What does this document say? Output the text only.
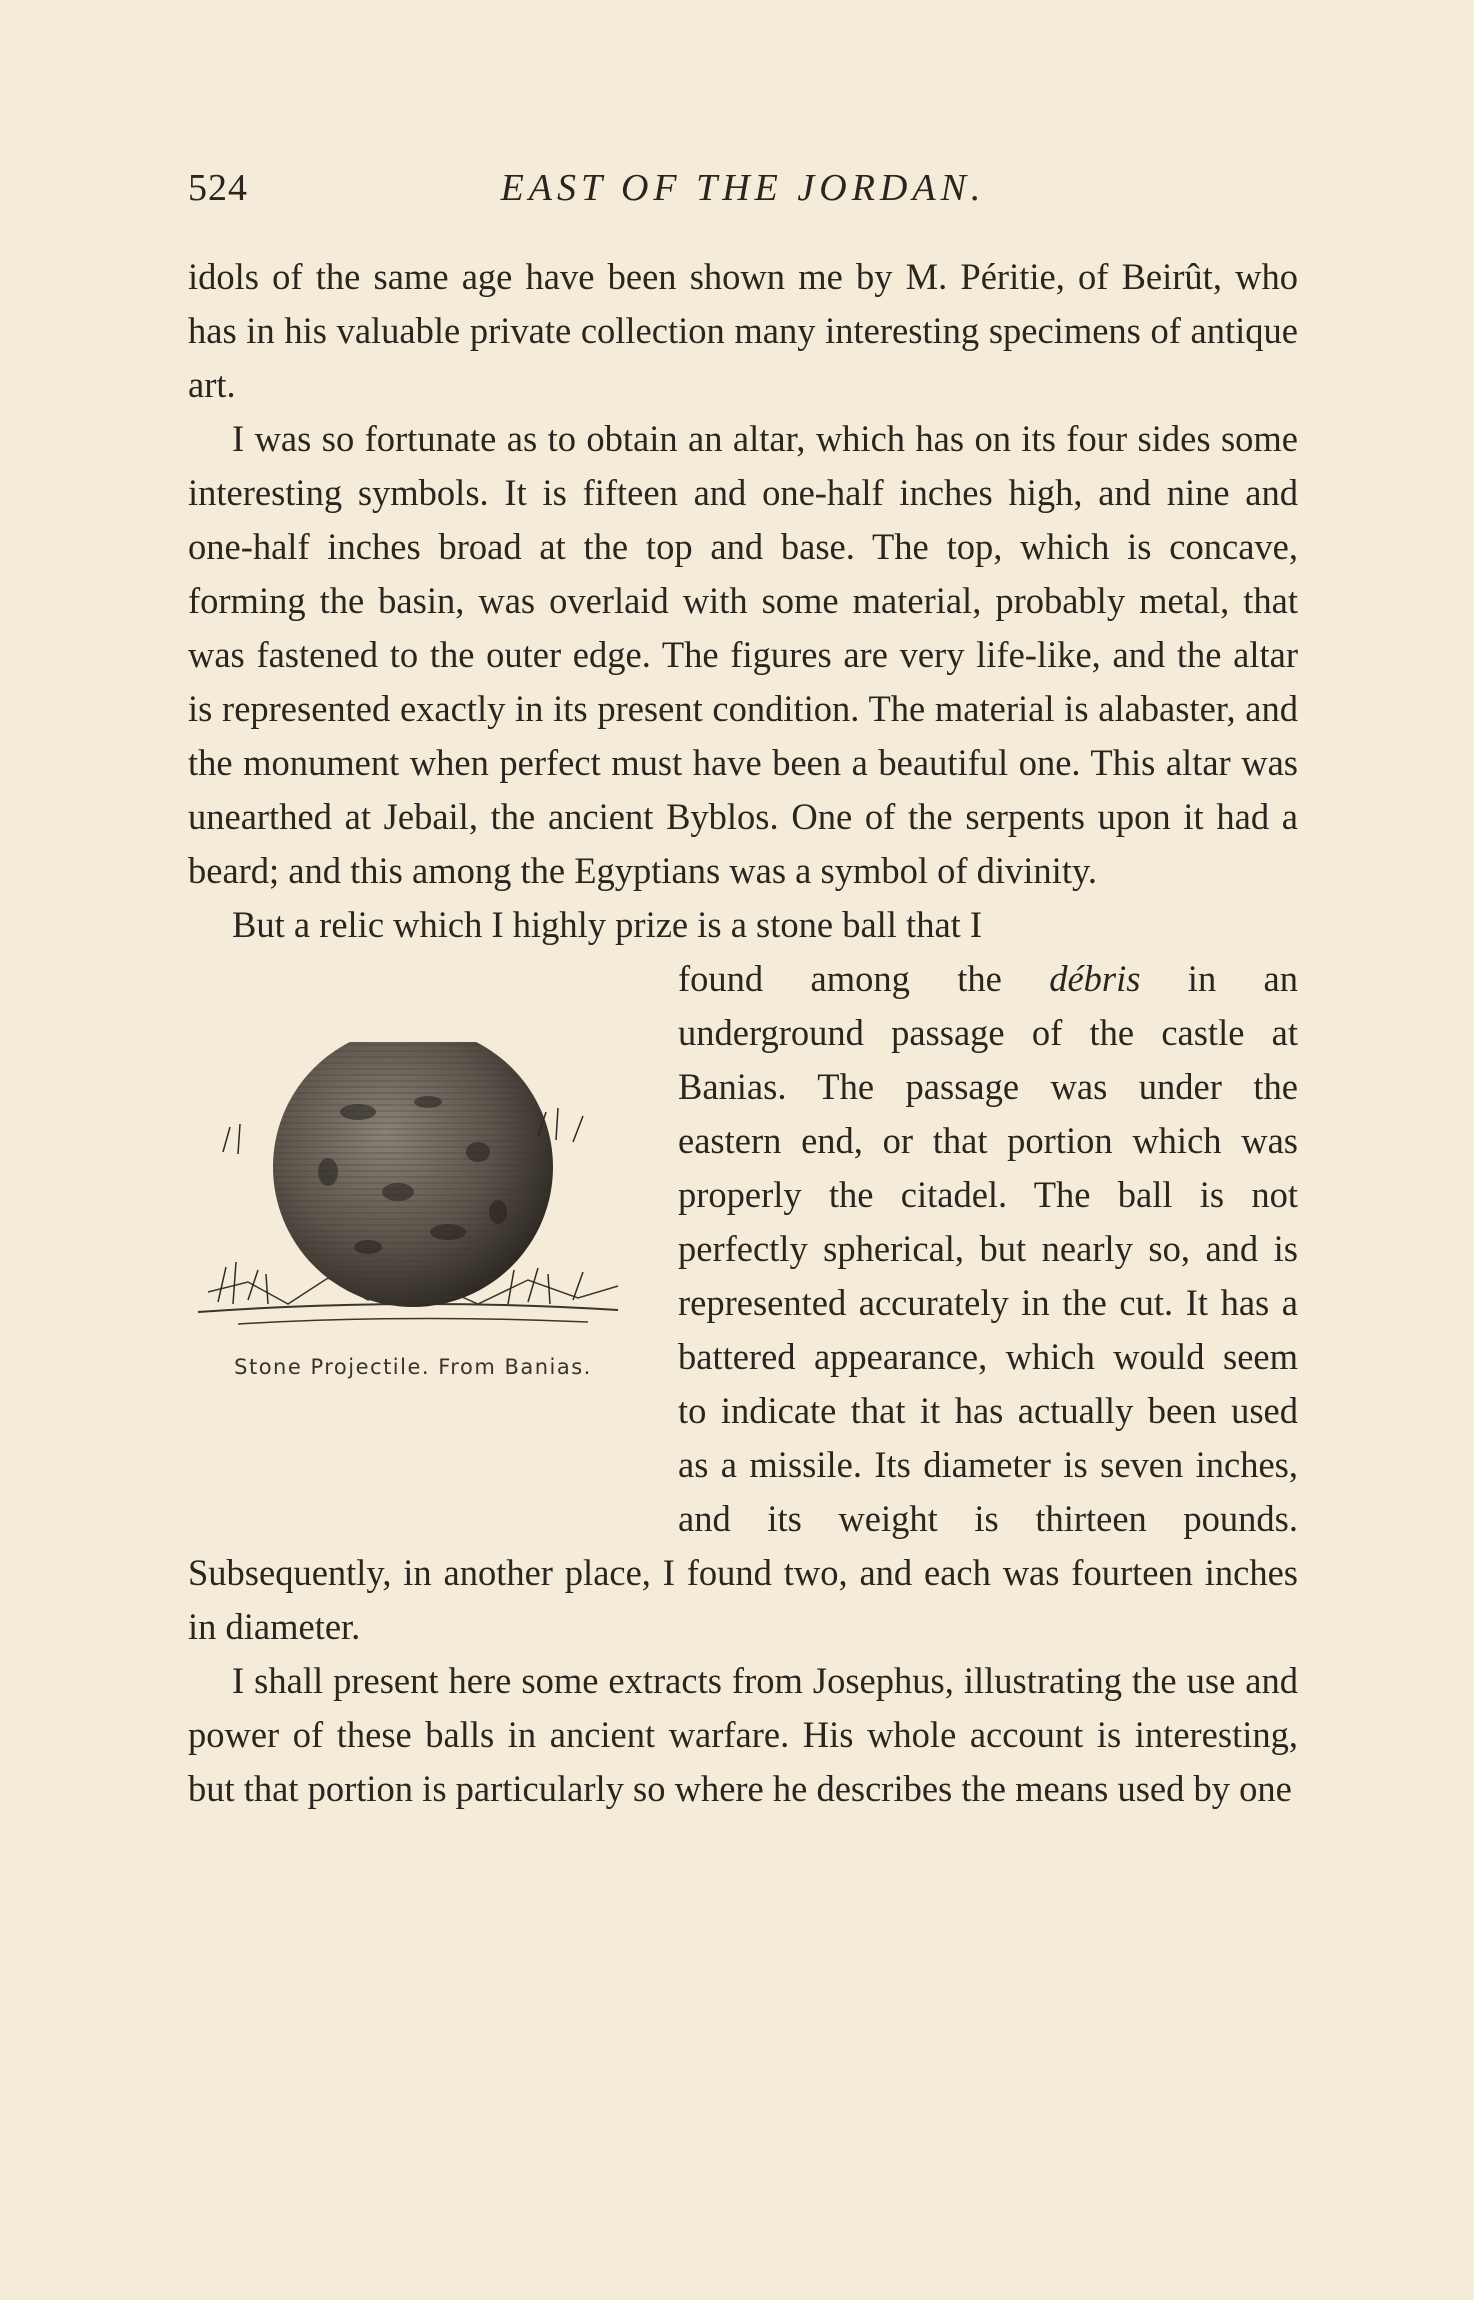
524	EAST OF THE JORDAN.

idols of the same age have been shown me by M. Péritie, of Beirût, who has in his valuable private collection many interesting specimens of antique art.

I was so fortunate as to obtain an altar, which has on its four sides some interesting symbols. It is fifteen and one-half inches high, and nine and one-half inches broad at the top and base. The top, which is concave, forming the basin, was overlaid with some material, probably metal, that was fastened to the outer edge. The figures are very life-like, and the altar is represented exactly in its present condition. The material is alabaster, and the monument when perfect must have been a beautiful one. This altar was unearthed at Jebail, the ancient Byblos. One of the serpents upon it had a beard; and this among the Egyptians was a symbol of divinity.

But a relic which I highly prize is a stone ball that I

Stone Projectile. From Banias.

found among the débris in an underground passage of the castle at Banias. The passage was under the eastern end, or that portion which was properly the citadel. The ball is not perfectly spherical, but nearly so, and is represented accurately in the cut. It has a battered appearance, which would seem to indicate that it has actually been used as a missile. Its diameter is seven inches, and its weight is thirteen pounds. Subsequently, in another place, I found two, and each was fourteen inches in diameter.

I shall present here some extracts from Josephus, illustrating the use and power of these balls in ancient warfare. His whole account is interesting, but that portion is particularly so where he describes the means used by one
